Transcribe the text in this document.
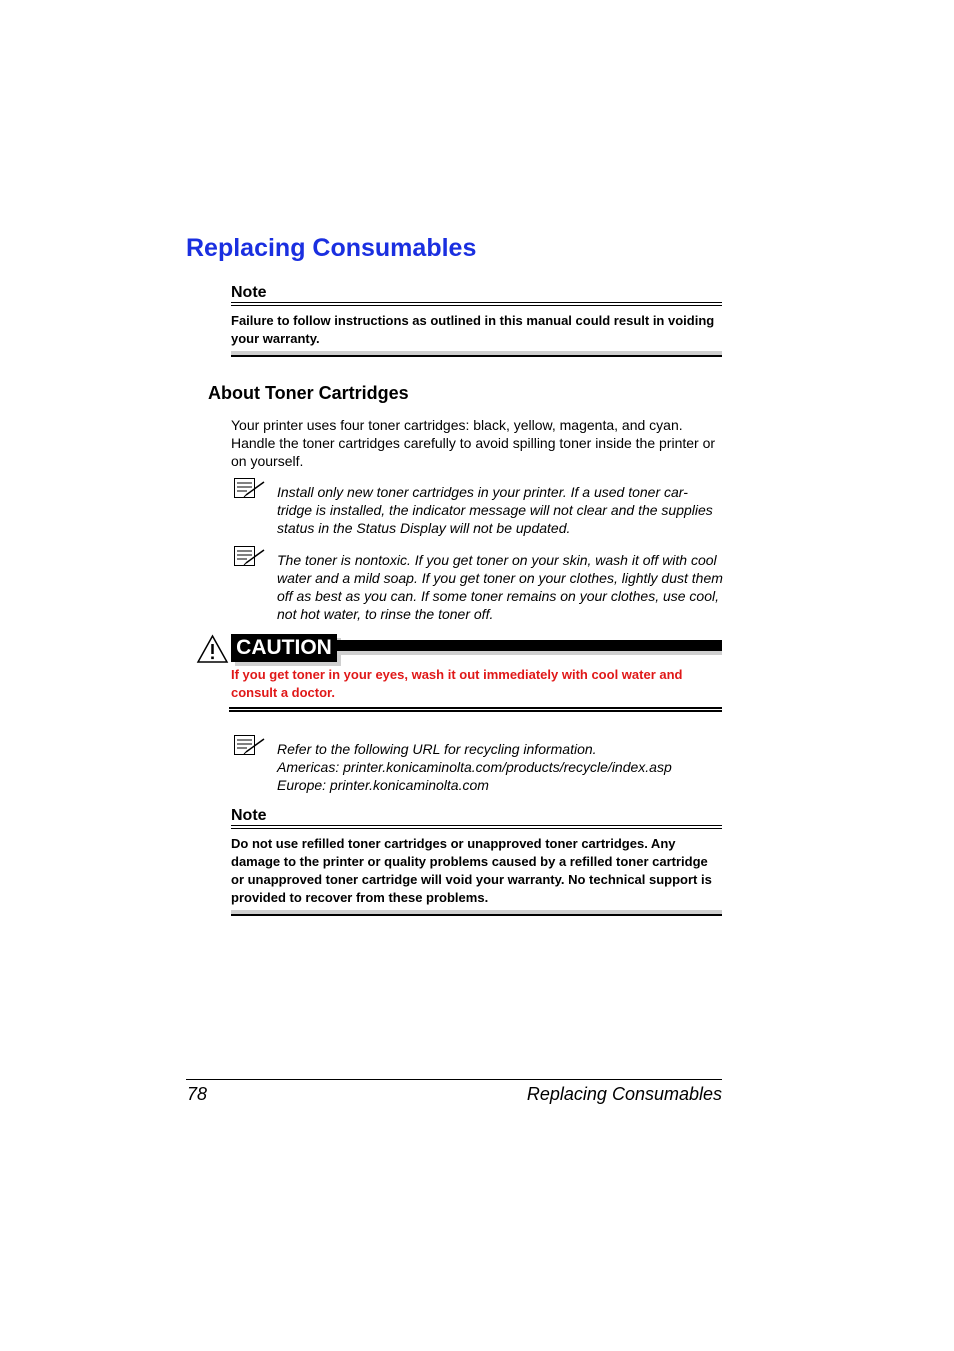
Replacing Consumables
Note
Failure to follow instructions as outlined in this manual could result in voiding your warranty.
About Toner Cartridges

Your printer uses four toner cartridges: black, yellow, magenta, and cyan. Handle the toner cartridges carefully to avoid spilling toner inside the printer or on yourself.

Install only new toner cartridges in your printer. If a used toner car- tridge is installed, the indicator message will not clear and the supplies status in the Status Display will not be updated.

The toner is nontoxic. If you get toner on your skin, wash it off with cool water and a mild soap. If you get toner on your clothes, lightly dust them off as best as you can. If some toner remains on your clothes, use cool, not hot water, to rinse the toner off.

CAUTION

If you get toner in your eyes, wash it out immediately with cool water and consult a doctor.

Refer to the following URL for recycling information.

Americas: printer.konicaminolta.com/products/recycle/index.asp

Europe: printer.konicaminolta.com

Note
Do not use refilled toner cartridges or unapproved toner cartridges. Any damage to the printer or quality problems caused by a refilled toner cartridge or unapproved toner cartridge will void your warranty. No technical support is provided to recover from these problems.
78	Replacing Consumables
